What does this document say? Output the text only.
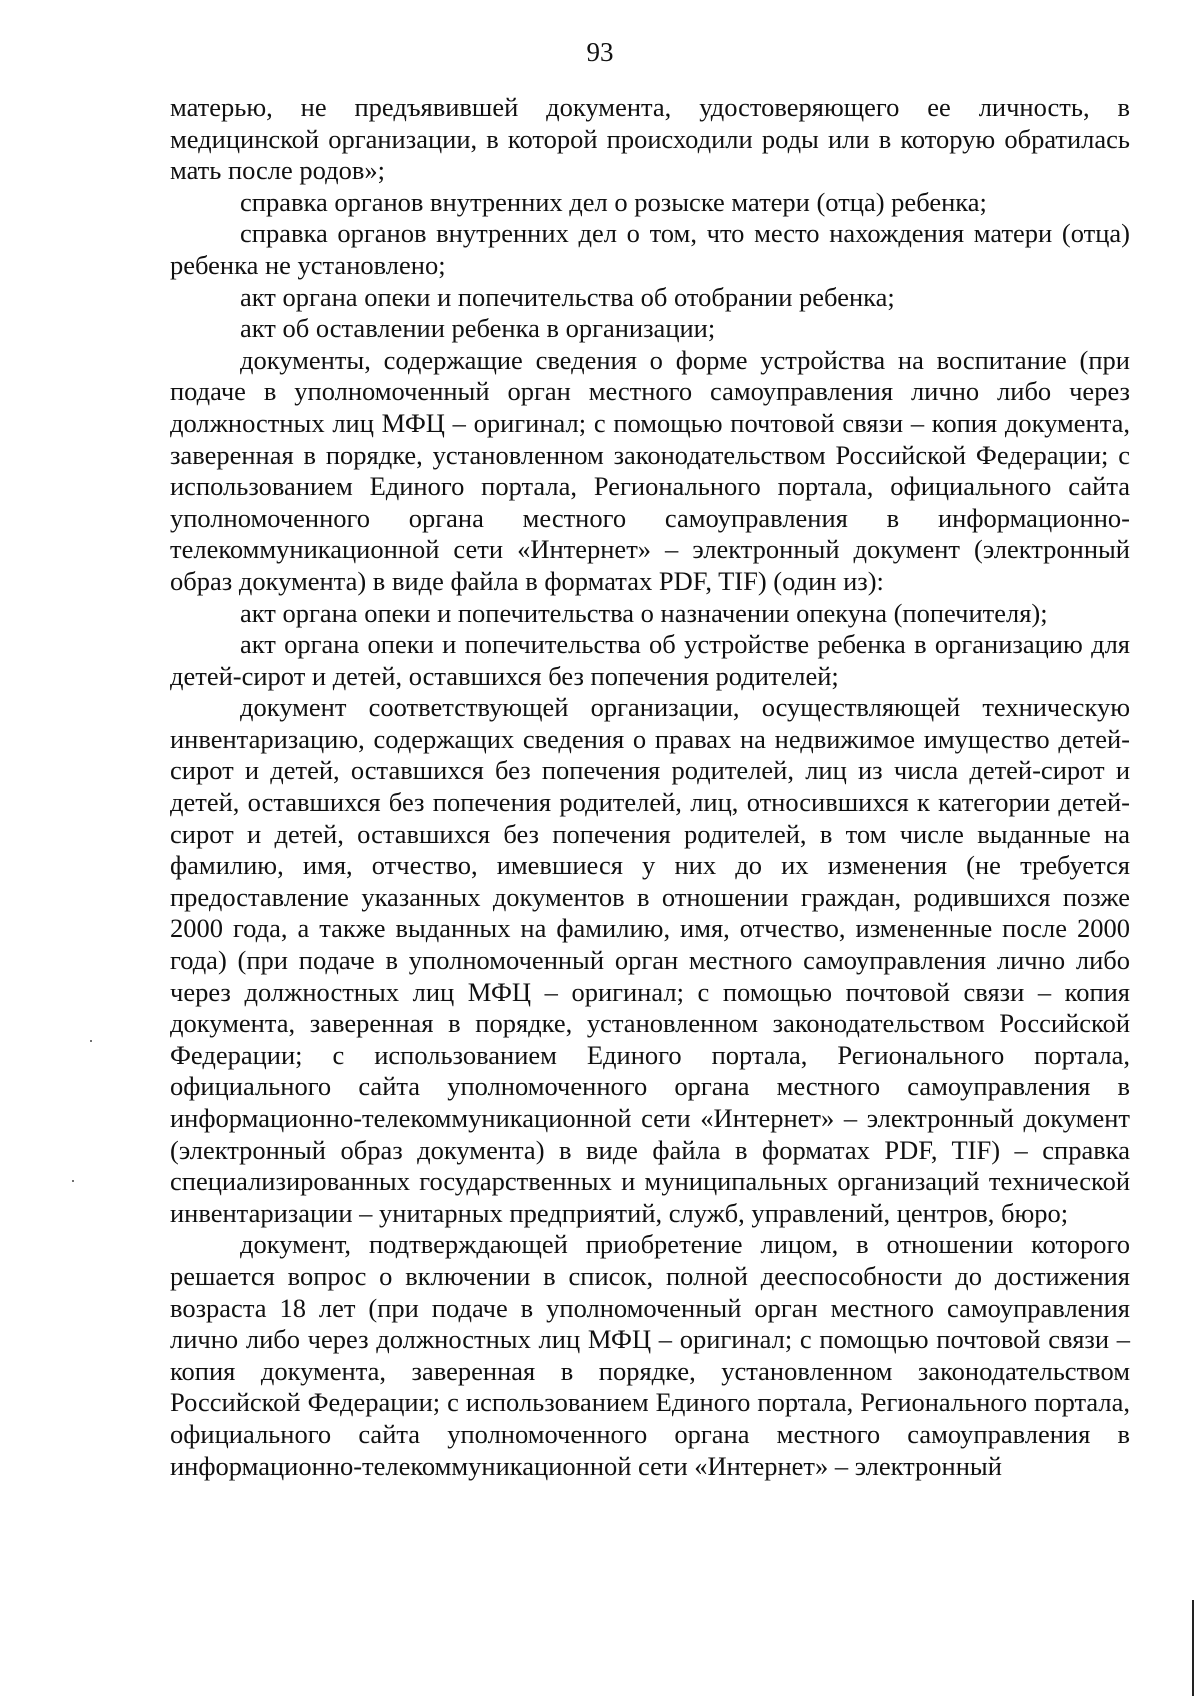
93

матерью, не предъявившей документа, удостоверяющего ее личность, в медицинской организации, в которой происходили роды или в которую обратилась мать после родов»;

справка органов внутренних дел о розыске матери (отца) ребенка;

справка органов внутренних дел о том, что место нахождения матери (отца) ребенка не установлено;

акт органа опеки и попечительства об отобрании ребенка;

акт об оставлении ребенка в организации;

документы, содержащие сведения о форме устройства на воспитание (при подаче в уполномоченный орган местного самоуправления лично либо через должностных лиц МФЦ – оригинал; с помощью почтовой связи – копия документа, заверенная в порядке, установленном законодательством Российской Федерации; с использованием Единого портала, Регионального портала, официального сайта уполномоченного органа местного самоуправления в информационно-телекоммуникационной сети «Интернет» – электронный документ (электронный образ документа) в виде файла в форматах PDF, TIF) (один из):

акт органа опеки и попечительства о назначении опекуна (попечителя);

акт органа опеки и попечительства об устройстве ребенка в организацию для детей-сирот и детей, оставшихся без попечения родителей;

документ соответствующей организации, осуществляющей техническую инвентаризацию, содержащих сведения о правах на недвижимое имущество детей-сирот и детей, оставшихся без попечения родителей, лиц из числа детей-сирот и детей, оставшихся без попечения родителей, лиц, относившихся к категории детей-сирот и детей, оставшихся без попечения родителей, в том числе выданные на фамилию, имя, отчество, имевшиеся у них до их изменения (не требуется предоставление указанных документов в отношении граждан, родившихся позже 2000 года, а также выданных на фамилию, имя, отчество, измененные после 2000 года) (при подаче в уполномоченный орган местного самоуправления лично либо через должностных лиц МФЦ – оригинал; с помощью почтовой связи – копия документа, заверенная в порядке, установленном законодательством Российской Федерации; с использованием Единого портала, Регионального портала, официального сайта уполномоченного органа местного самоуправления в информационно-телекоммуникационной сети «Интернет» – электронный документ (электронный образ документа) в виде файла в форматах PDF, TIF) – справка специализированных государственных и муниципальных организаций технической инвентаризации – унитарных предприятий, служб, управлений, центров, бюро;

документ, подтверждающей приобретение лицом, в отношении которого решается вопрос о включении в список, полной дееспособности до достижения возраста 18 лет (при подаче в уполномоченный орган местного самоуправления лично либо через должностных лиц МФЦ – оригинал; с помощью почтовой связи – копия документа, заверенная в порядке, установленном законодательством Российской Федерации; с использованием Единого портала, Регионального портала, официального сайта уполномоченного органа местного самоуправления в информационно-телекоммуникационной сети «Интернет» – электронный
